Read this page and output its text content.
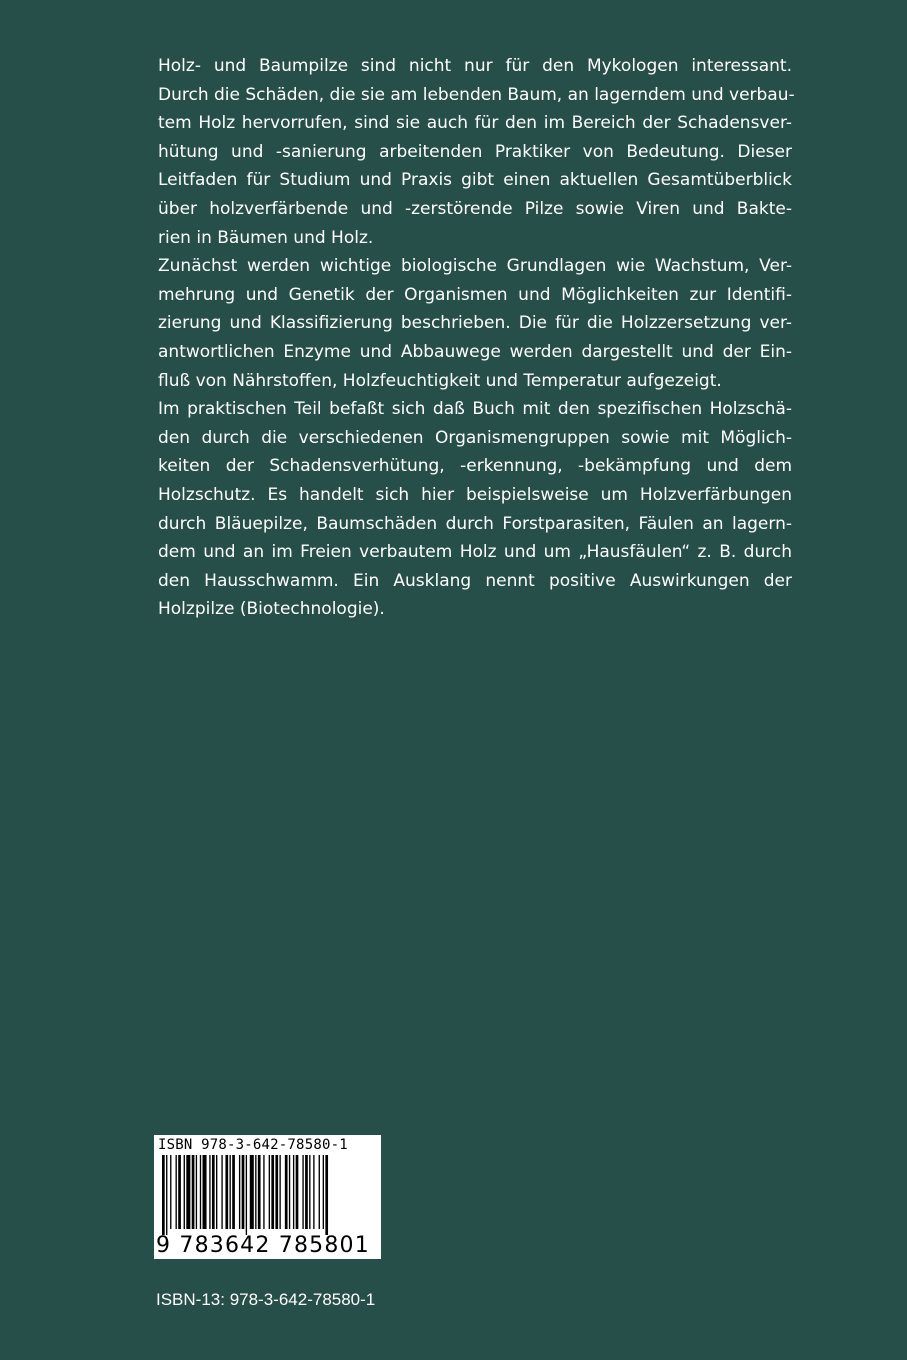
Holz- und Baumpilze sind nicht nur für den Mykologen interessant.
Durch die Schäden, die sie am lebenden Baum, an lagerndem und verbau-
tem Holz hervorrufen, sind sie auch für den im Bereich der Schadensver-
hütung und -sanierung arbeitenden Praktiker von Bedeutung. Dieser
Leitfaden für Studium und Praxis gibt einen aktuellen Gesamtüberblick
über holzverfärbende und -zerstörende Pilze sowie Viren und Bakte-
rien in Bäumen und Holz.
Zunächst werden wichtige biologische Grundlagen wie Wachstum, Ver-
mehrung und Genetik der Organismen und Möglichkeiten zur Identifi-
zierung und Klassifizierung beschrieben. Die für die Holzzersetzung ver-
antwortlichen Enzyme und Abbauwege werden dargestellt und der Ein-
fluß von Nährstoffen, Holzfeuchtigkeit und Temperatur aufgezeigt.
Im praktischen Teil befaßt sich daß Buch mit den spezifischen Holzschä-
den durch die verschiedenen Organismengruppen sowie mit Möglich-
keiten der Schadensverhütung, -erkennung, -bekämpfung und dem
Holzschutz. Es handelt sich hier beispielsweise um Holzverfärbungen
durch Bläuepilze, Baumschäden durch Forstparasiten, Fäulen an lagern-
dem und an im Freien verbautem Holz und um „Hausfäulen“ z. B. durch
den Hausschwamm. Ein Ausklang nennt positive Auswirkungen der
Holzpilze (Biotechnologie).
ISBN 978-3-642-78580-1
9 783642 785801
ISBN-13: 978-3-642-78580-1
